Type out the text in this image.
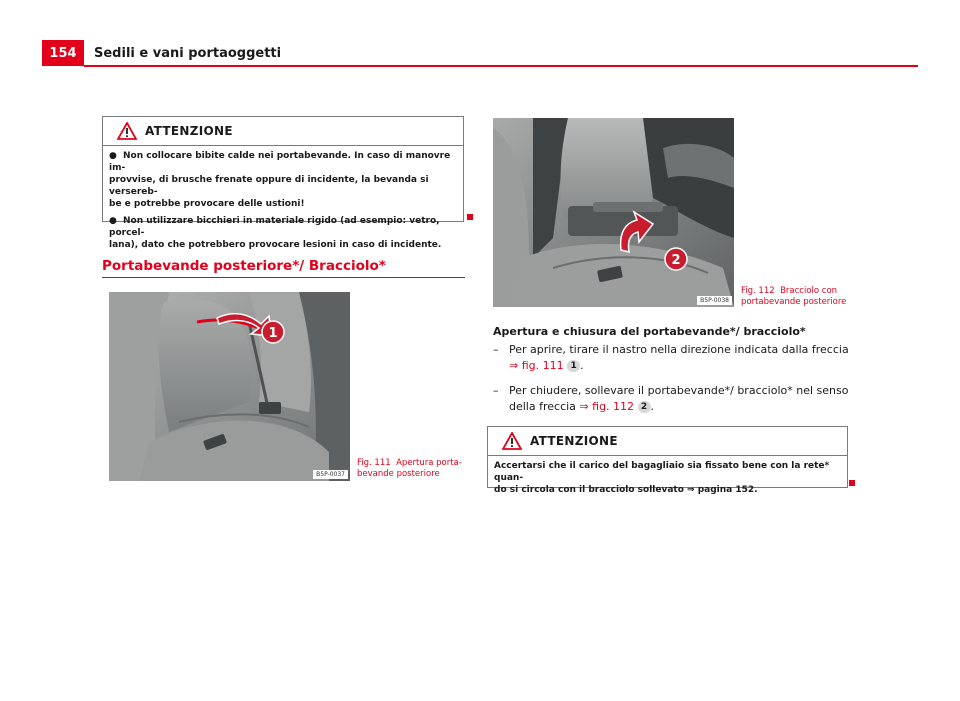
154	Sedili e vani portaoggetti
ATTENZIONE

● Non collocare bibite calde nei portabevande. In caso di manovre im-
provvise, di brusche frenate oppure di incidente, la bevanda si versereb-
be e potrebbe provocare delle ustioni!

● Non utilizzare bicchieri in materiale rigido (ad esempio: vetro, porcel-
lana), dato che potrebbero provocare lesioni in caso di incidente.

Portabevande posteriore*/ Bracciolo*
1
B5P-0037
Fig. 111 Apertura porta-
bevande posteriore
2
B5P-0038
Fig. 112 Bracciolo con
portabevande posteriore
Apertura e chiusura del portabevande*/ bracciolo*
– Per aprire, tirare il nastro nella direzione indicata dalla freccia
⇒ fig. 111 1 .
– Per chiudere, sollevare il portabevande*/ bracciolo* nel senso
della freccia ⇒ fig. 112 2 .
ATTENZIONE
Accertarsi che il carico del bagagliaio sia fissato bene con la rete* quan-
do si circola con il bracciolo sollevato ⇒ pagina 152.
